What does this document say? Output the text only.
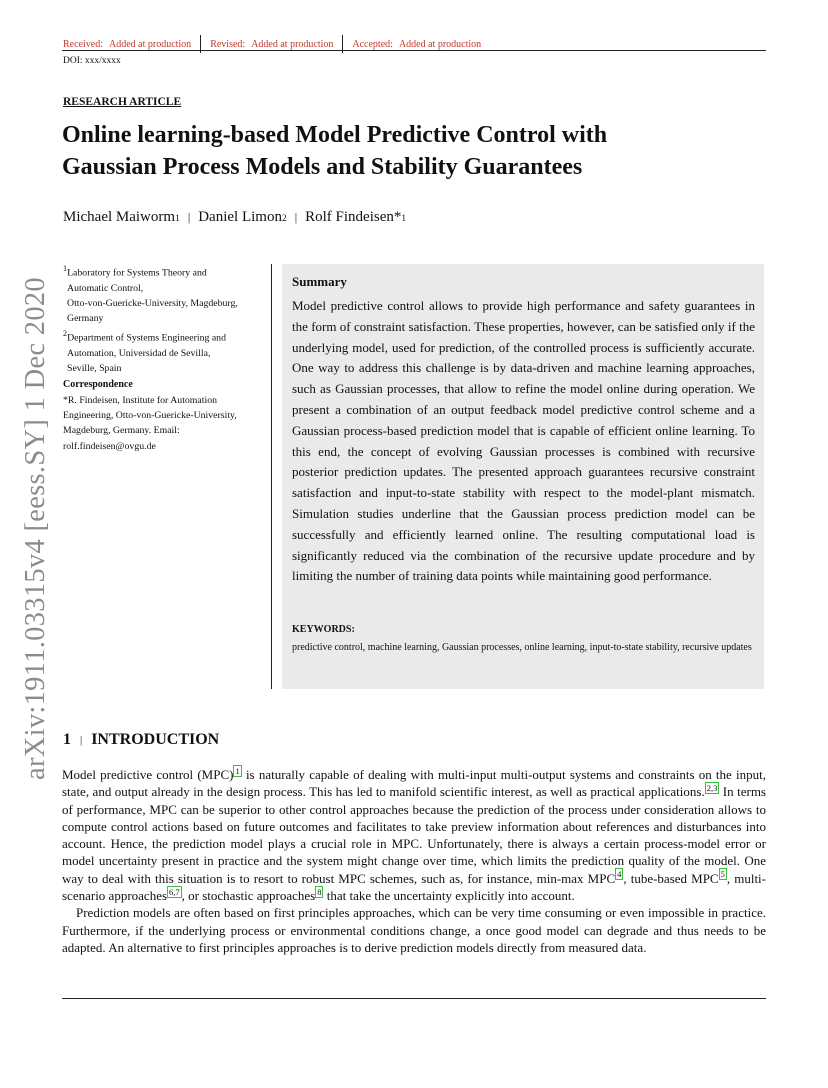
Received: Added at production Revised: Added at production Accepted: Added at production
DOI: xxx/xxxx
RESEARCH ARTICLE
Online learning-based Model Predictive Control with Gaussian Process Models and Stability Guarantees
Michael Maiworm 1 | Daniel Limon 2 | Rolf Findeisen* 1
arXiv:1911.03315v4 [eess.SY] 1 Dec 2020

$^1$Laboratory for Systems Theory and

Automatic Control,

Otto-von-Guericke-University, Magdeburg,

Germany

$^2$Department of Systems Engineering and

Automation, Universidad de Sevilla,

Seville, Spain

Correspondence
*R. Findeisen, Institute for Automation
Engineering, Otto-von-Guericke-University,
Magdeburg, Germany. Email:
rolf.findeisen@ovgu.de
Summary
Model predictive control allows to provide high performance and safety guarantees in the form of constraint satisfaction. These properties, however, can be satisfied only if the underlying model, used for prediction, of the controlled process is sufficiently accurate. One way to address this challenge is by data-driven and machine learning approaches, such as Gaussian processes, that allow to refine the model online during operation. We present a combination of an output feedback model predictive control scheme and a Gaussian process-based prediction model that is capable of efficient online learning. To this end, the concept of evolving Gaussian processes is combined with recursive posterior prediction updates. The presented approach guarantees recursive constraint satisfaction and input-to-state stability with respect to the model-plant mismatch. Simulation studies underline that the Gaussian process prediction model can be successfully and efficiently learned online. The resulting computational load is significantly reduced via the combination of the recursive update procedure and by limiting the number of training data points while maintaining good performance.
KEYWORDS:
predictive control, machine learning, Gaussian processes, online learning, input-to-state stability, recursive updates
1 | INTRODUCTION

Model predictive control (MPC) $^1$ is naturally capable of dealing with multi-input multi-output systems and constraints on the input, state, and output already in the design process. This has led to manifold scientific interest, as well as practical applications. $^{2,3}$ In terms of performance, MPC can be superior to other control approaches because the prediction of the process under consideration allows to compute control actions based on future outcomes and facilitates to take preview information about references and disturbances into account. Hence, the prediction model plays a crucial role in MPC. Unfortunately, there is always a certain process-model error or model uncertainty present in practice and the system might change over time, which limits the prediction quality of the model. One way to deal with this situation is to resort to robust MPC schemes, such as, for instance, min-max MPC $^4$ , tube-based MPC $^5$ , multi-scenario approaches $^{6,7}$ , or stochastic approaches $^8$ that take the uncertainty explicitly into account.

Prediction models are often based on first principles approaches, which can be very time consuming or even impossible in practice. Furthermore, if the underlying process or environmental conditions change, a once good model can degrade and thus needs to be adapted. An alternative to first principles approaches is to derive prediction models directly from measured data.
